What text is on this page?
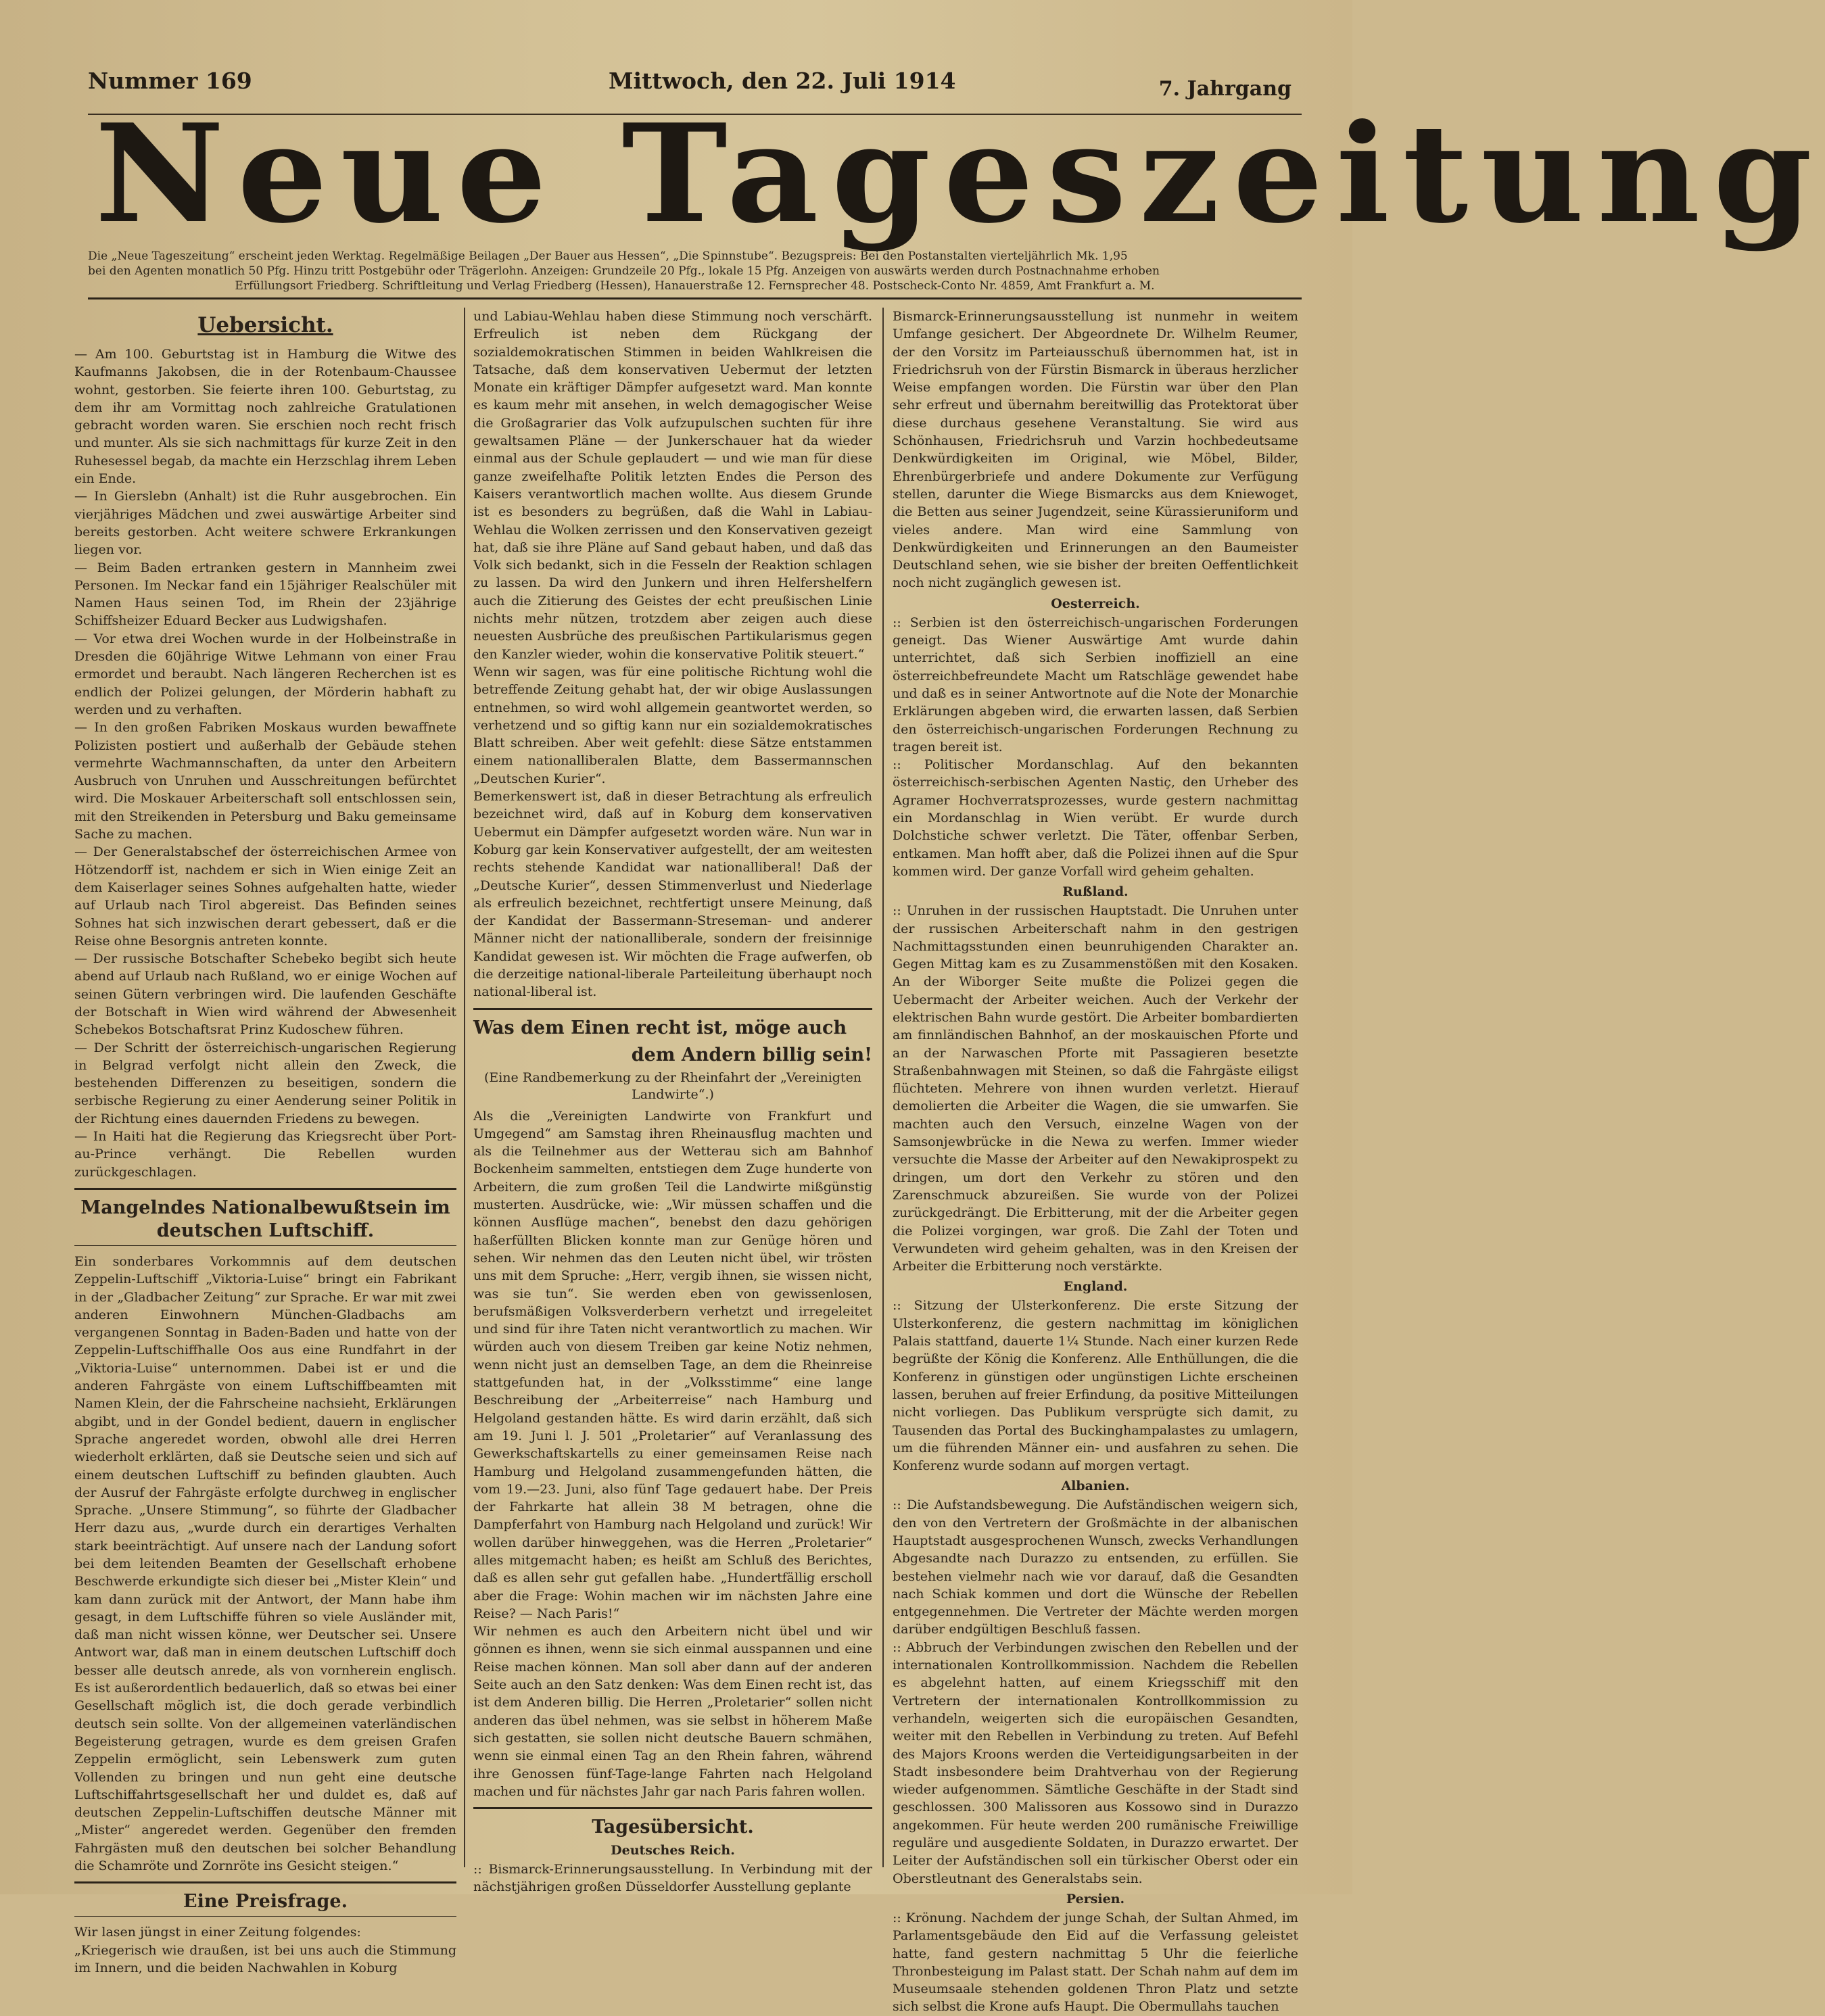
Nummer 169	Mittwoch, den 22. Juli 1914	7. Jahrgang
Neue Tageszeitung

Die „Neue Tageszeitung“ erscheint jeden Werktag. Regelmäßige Beilagen „Der Bauer aus Hessen“, „Die Spinnstube“. Bezugspreis: Bei den Postanstalten vierteljährlich Mk. 1,95

bei den Agenten monatlich 50 Pfg. Hinzu tritt Postgebühr oder Trägerlohn. Anzeigen: Grundzeile 20 Pfg., lokale 15 Pfg. Anzeigen von auswärts werden durch Postnachnahme erhoben

Erfüllungsort Friedberg. Schriftleitung und Verlag Friedberg (Hessen), Hanauerstraße 12. Fernsprecher 48. Postscheck-Conto Nr. 4859, Amt Frankfurt a. M.

Uebersicht.

— Am 100. Geburtstag ist in Hamburg die Witwe des Kaufmanns Jakobsen, die in der Rotenbaum-Chaussee wohnt, gestorben. Sie feierte ihren 100. Geburtstag, zu dem ihr am Vormittag noch zahlreiche Gratulationen gebracht worden waren. Sie erschien noch recht frisch und munter. Als sie sich nachmittags für kurze Zeit in den Ruhesessel begab, da machte ein Herzschlag ihrem Leben ein Ende.

— In Gierslebn (Anhalt) ist die Ruhr ausgebrochen. Ein vierjähriges Mädchen und zwei auswärtige Arbeiter sind bereits gestorben. Acht weitere schwere Erkrankungen liegen vor.

— Beim Baden ertranken gestern in Mannheim zwei Personen. Im Neckar fand ein 15jähriger Realschüler mit Namen Haus seinen Tod, im Rhein der 23jährige Schiffsheizer Eduard Becker aus Ludwigshafen.

— Vor etwa drei Wochen wurde in der Holbeinstraße in Dresden die 60jährige Witwe Lehmann von einer Frau ermordet und beraubt. Nach längeren Recherchen ist es endlich der Polizei gelungen, der Mörderin habhaft zu werden und zu verhaften.

— In den großen Fabriken Moskaus wurden bewaffnete Polizisten postiert und außerhalb der Gebäude stehen vermehrte Wachmannschaften, da unter den Arbeitern Ausbruch von Unruhen und Ausschreitungen befürchtet wird. Die Moskauer Arbeiterschaft soll entschlossen sein, mit den Streikenden in Petersburg und Baku gemeinsame Sache zu machen.

— Der Generalstabschef der österreichischen Armee von Hötzendorff ist, nachdem er sich in Wien einige Zeit an dem Kaiserlager seines Sohnes aufgehalten hatte, wieder auf Urlaub nach Tirol abgereist. Das Befinden seines Sohnes hat sich inzwischen derart gebessert, daß er die Reise ohne Besorgnis antreten konnte.

— Der russische Botschafter Schebeko begibt sich heute abend auf Urlaub nach Rußland, wo er einige Wochen auf seinen Gütern verbringen wird. Die laufenden Geschäfte der Botschaft in Wien wird während der Abwesenheit Schebekos Botschaftsrat Prinz Kudoschew führen.

— Der Schritt der österreichisch-ungarischen Regierung in Belgrad verfolgt nicht allein den Zweck, die bestehenden Differenzen zu beseitigen, sondern die serbische Regierung zu einer Aenderung seiner Politik in der Richtung eines dauernden Friedens zu bewegen.

— In Haiti hat die Regierung das Kriegsrecht über Port-au-Prince verhängt. Die Rebellen wurden zurückgeschlagen.

Mangelndes Nationalbewußtsein im deutschen Luftschiff.

Ein sonderbares Vorkommnis auf dem deutschen Zeppelin-Luftschiff „Viktoria-Luise“ bringt ein Fabrikant in der „Gladbacher Zeitung“ zur Sprache. Er war mit zwei anderen Einwohnern München-Gladbachs am vergangenen Sonntag in Baden-Baden und hatte von der Zeppelin-Luftschiffhalle Oos aus eine Rundfahrt in der „Viktoria-Luise“ unternommen. Dabei ist er und die anderen Fahrgäste von einem Luftschiffbeamten mit Namen Klein, der die Fahrscheine nachsieht, Erklärungen abgibt, und in der Gondel bedient, dauern in englischer Sprache angeredet worden, obwohl alle drei Herren wiederholt erklärten, daß sie Deutsche seien und sich auf einem deutschen Luftschiff zu befinden glaubten. Auch der Ausruf der Fahrgäste erfolgte durchweg in englischer Sprache. „Unsere Stimmung“, so führte der Gladbacher Herr dazu aus, „wurde durch ein derartiges Verhalten stark beeinträchtigt. Auf unsere nach der Landung sofort bei dem leitenden Beamten der Gesellschaft erhobene Beschwerde erkundigte sich dieser bei „Mister Klein“ und kam dann zurück mit der Antwort, der Mann habe ihm gesagt, in dem Luftschiffe führen so viele Ausländer mit, daß man nicht wissen könne, wer Deutscher sei. Unsere Antwort war, daß man in einem deutschen Luftschiff doch besser alle deutsch anrede, als von vornherein englisch. Es ist außerordentlich bedauerlich, daß so etwas bei einer Gesellschaft möglich ist, die doch gerade verbindlich deutsch sein sollte. Von der allgemeinen vaterländischen Begeisterung getragen, wurde es dem greisen Grafen Zeppelin ermöglicht, sein Lebenswerk zum guten Vollenden zu bringen und nun geht eine deutsche Luftschiffahrtsgesellschaft her und duldet es, daß auf deutschen Zeppelin-Luftschiffen deutsche Männer mit „Mister“ angeredet werden. Gegenüber den fremden Fahrgästen muß den deutschen bei solcher Behandlung die Schamröte und Zornröte ins Gesicht steigen.“

Eine Preisfrage.

Wir lasen jüngst in einer Zeitung folgendes:

„Kriegerisch wie draußen, ist bei uns auch die Stimmung im Innern, und die beiden Nachwahlen in Koburg

und Labiau-Wehlau haben diese Stimmung noch verschärft. Erfreulich ist neben dem Rückgang der sozialdemokratischen Stimmen in beiden Wahlkreisen die Tatsache, daß dem konservativen Uebermut der letzten Monate ein kräftiger Dämpfer aufgesetzt ward. Man konnte es kaum mehr mit ansehen, in welch demagogischer Weise die Großagrarier das Volk aufzupulschen suchten für ihre gewaltsamen Pläne — der Junkerschauer hat da wieder einmal aus der Schule geplaudert — und wie man für diese ganze zweifelhafte Politik letzten Endes die Person des Kaisers verantwortlich machen wollte. Aus diesem Grunde ist es besonders zu begrüßen, daß die Wahl in Labiau-Wehlau die Wolken zerrissen und den Konservativen gezeigt hat, daß sie ihre Pläne auf Sand gebaut haben, und daß das Volk sich bedankt, sich in die Fesseln der Reaktion schlagen zu lassen. Da wird den Junkern und ihren Helfershelfern auch die Zitierung des Geistes der echt preußischen Linie nichts mehr nützen, trotzdem aber zeigen auch diese neuesten Ausbrüche des preußischen Partikularismus gegen den Kanzler wieder, wohin die konservative Politik steuert.“

Wenn wir sagen, was für eine politische Richtung wohl die betreffende Zeitung gehabt hat, der wir obige Auslassungen entnehmen, so wird wohl allgemein geantwortet werden, so verhetzend und so giftig kann nur ein sozialdemokratisches Blatt schreiben. Aber weit gefehlt: diese Sätze entstammen einem nationalliberalen Blatte, dem Bassermannschen „Deutschen Kurier“.

Bemerkenswert ist, daß in dieser Betrachtung als erfreulich bezeichnet wird, daß auf in Koburg dem konservativen Uebermut ein Dämpfer aufgesetzt worden wäre. Nun war in Koburg gar kein Konservativer aufgestellt, der am weitesten rechts stehende Kandidat war nationalliberal! Daß der „Deutsche Kurier“, dessen Stimmenverlust und Niederlage als erfreulich bezeichnet, rechtfertigt unsere Meinung, daß der Kandidat der Bassermann-Streseman- und anderer Männer nicht der nationalliberale, sondern der freisinnige Kandidat gewesen ist. Wir möchten die Frage aufwerfen, ob die derzeitige national-liberale Parteileitung überhaupt noch national-liberal ist.

Was dem Einen recht ist, möge auch
dem Andern billig sein!
(Eine Randbemerkung zu der Rheinfahrt der „Vereinigten Landwirte“.)

Als die „Vereinigten Landwirte von Frankfurt und Umgegend“ am Samstag ihren Rheinausflug machten und als die Teilnehmer aus der Wetterau sich am Bahnhof Bockenheim sammelten, entstiegen dem Zuge hunderte von Arbeitern, die zum großen Teil die Landwirte mißgünstig musterten. Ausdrücke, wie: „Wir müssen schaffen und die können Ausflüge machen“, benebst den dazu gehörigen haßerfüllten Blicken konnte man zur Genüge hören und sehen. Wir nehmen das den Leuten nicht übel, wir trösten uns mit dem Spruche: „Herr, vergib ihnen, sie wissen nicht, was sie tun“. Sie werden eben von gewissenlosen, berufsmäßigen Volksverderbern verhetzt und irregeleitet und sind für ihre Taten nicht verantwortlich zu machen. Wir würden auch von diesem Treiben gar keine Notiz nehmen, wenn nicht just an demselben Tage, an dem die Rheinreise stattgefunden hat, in der „Volksstimme“ eine lange Beschreibung der „Arbeiterreise“ nach Hamburg und Helgoland gestanden hätte. Es wird darin erzählt, daß sich am 19. Juni l. J. 501 „Proletarier“ auf Veranlassung des Gewerkschaftskartells zu einer gemeinsamen Reise nach Hamburg und Helgoland zusammengefunden hätten, die vom 19.—23. Juni, also fünf Tage gedauert habe. Der Preis der Fahrkarte hat allein 38 M betragen, ohne die Dampferfahrt von Hamburg nach Helgoland und zurück! Wir wollen darüber hinweggehen, was die Herren „Proletarier“ alles mitgemacht haben; es heißt am Schluß des Berichtes, daß es allen sehr gut gefallen habe. „Hundertfällig erscholl aber die Frage: Wohin machen wir im nächsten Jahre eine Reise? — Nach Paris!“

Wir nehmen es auch den Arbeitern nicht übel und wir gönnen es ihnen, wenn sie sich einmal ausspannen und eine Reise machen können. Man soll aber dann auf der anderen Seite auch an den Satz denken: Was dem Einen recht ist, das ist dem Anderen billig. Die Herren „Proletarier“ sollen nicht anderen das übel nehmen, was sie selbst in höherem Maße sich gestatten, sie sollen nicht deutsche Bauern schmähen, wenn sie einmal einen Tag an den Rhein fahren, während ihre Genossen fünf-Tage-lange Fahrten nach Helgoland machen und für nächstes Jahr gar nach Paris fahren wollen.

Tagesübersicht.
Deutsches Reich.

:: Bismarck-Erinnerungsausstellung. In Verbindung mit der nächstjährigen großen Düsseldorfer Ausstellung geplante

Bismarck-Erinnerungsausstellung ist nunmehr in weitem Umfange gesichert. Der Abgeordnete Dr. Wilhelm Reumer, der den Vorsitz im Parteiausschuß übernommen hat, ist in Friedrichsruh von der Fürstin Bismarck in überaus herzlicher Weise empfangen worden. Die Fürstin war über den Plan sehr erfreut und übernahm bereitwillig das Protektorat über diese durchaus gesehene Veranstaltung. Sie wird aus Schönhausen, Friedrichsruh und Varzin hochbedeutsame Denkwürdigkeiten im Original, wie Möbel, Bilder, Ehrenbürgerbriefe und andere Dokumente zur Verfügung stellen, darunter die Wiege Bismarcks aus dem Kniewoget, die Betten aus seiner Jugendzeit, seine Kürassieruniform und vieles andere. Man wird eine Sammlung von Denkwürdigkeiten und Erinnerungen an den Baumeister Deutschland sehen, wie sie bisher der breiten Oeffentlichkeit noch nicht zugänglich gewesen ist.

Oesterreich.

:: Serbien ist den österreichisch-ungarischen Forderungen geneigt. Das Wiener Auswärtige Amt wurde dahin unterrichtet, daß sich Serbien inoffiziell an eine österreichbefreundete Macht um Ratschläge gewendet habe und daß es in seiner Antwortnote auf die Note der Monarchie Erklärungen abgeben wird, die erwarten lassen, daß Serbien den österreichisch-ungarischen Forderungen Rechnung zu tragen bereit ist.

:: Politischer Mordanschlag. Auf den bekannten österreichisch-serbischen Agenten Nastiç, den Urheber des Agramer Hochverratsprozesses, wurde gestern nachmittag ein Mordanschlag in Wien verübt. Er wurde durch Dolchstiche schwer verletzt. Die Täter, offenbar Serben, entkamen. Man hofft aber, daß die Polizei ihnen auf die Spur kommen wird. Der ganze Vorfall wird geheim gehalten.

Rußland.

:: Unruhen in der russischen Hauptstadt. Die Unruhen unter der russischen Arbeiterschaft nahm in den gestrigen Nachmittagsstunden einen beunruhigenden Charakter an. Gegen Mittag kam es zu Zusammenstößen mit den Kosaken. An der Wiborger Seite mußte die Polizei gegen die Uebermacht der Arbeiter weichen. Auch der Verkehr der elektrischen Bahn wurde gestört. Die Arbeiter bombardierten am finnländischen Bahnhof, an der moskauischen Pforte und an der Narwaschen Pforte mit Passagieren besetzte Straßenbahnwagen mit Steinen, so daß die Fahrgäste eiligst flüchteten. Mehrere von ihnen wurden verletzt. Hierauf demolierten die Arbeiter die Wagen, die sie umwarfen. Sie machten auch den Versuch, einzelne Wagen von der Samsonjewbrücke in die Newa zu werfen. Immer wieder versuchte die Masse der Arbeiter auf den Newakiprospekt zu dringen, um dort den Verkehr zu stören und den Zarenschmuck abzureißen. Sie wurde von der Polizei zurückgedrängt. Die Erbitterung, mit der die Arbeiter gegen die Polizei vorgingen, war groß. Die Zahl der Toten und Verwundeten wird geheim gehalten, was in den Kreisen der Arbeiter die Erbitterung noch verstärkte.

England.

:: Sitzung der Ulsterkonferenz. Die erste Sitzung der Ulsterkonferenz, die gestern nachmittag im königlichen Palais stattfand, dauerte 1¼ Stunde. Nach einer kurzen Rede begrüßte der König die Konferenz. Alle Enthüllungen, die die Konferenz in günstigen oder ungünstigen Lichte erscheinen lassen, beruhen auf freier Erfindung, da positive Mitteilungen nicht vorliegen. Das Publikum versprügte sich damit, zu Tausenden das Portal des Buckinghampalastes zu umlagern, um die führenden Männer ein- und ausfahren zu sehen. Die Konferenz wurde sodann auf morgen vertagt.

Albanien.

:: Die Aufstandsbewegung. Die Aufständischen weigern sich, den von den Vertretern der Großmächte in der albanischen Hauptstadt ausgesprochenen Wunsch, zwecks Verhandlungen Abgesandte nach Durazzo zu entsenden, zu erfüllen. Sie bestehen vielmehr nach wie vor darauf, daß die Gesandten nach Schiak kommen und dort die Wünsche der Rebellen entgegennehmen. Die Vertreter der Mächte werden morgen darüber endgültigen Beschluß fassen.

:: Abbruch der Verbindungen zwischen den Rebellen und der internationalen Kontrollkommission. Nachdem die Rebellen es abgelehnt hatten, auf einem Kriegsschiff mit den Vertretern der internationalen Kontrollkommission zu verhandeln, weigerten sich die europäischen Gesandten, weiter mit den Rebellen in Verbindung zu treten. Auf Befehl des Majors Kroons werden die Verteidigungsarbeiten in der Stadt insbesondere beim Drahtverhau von der Regierung wieder aufgenommen. Sämtliche Geschäfte in der Stadt sind geschlossen. 300 Malissoren aus Kossowo sind in Durazzo angekommen. Für heute werden 200 rumänische Freiwillige reguläre und ausgediente Soldaten, in Durazzo erwartet. Der Leiter der Aufständischen soll ein türkischer Oberst oder ein Oberstleutnant des Generalstabs sein.

Persien.

:: Krönung. Nachdem der junge Schah, der Sultan Ahmed, im Parlamentsgebäude den Eid auf die Verfassung geleistet hatte, fand gestern nachmittag 5 Uhr die feierliche Thronbesteigung im Palast statt. Der Schah nahm auf dem im Museumsaale stehenden goldenen Thron Platz und setzte sich selbst die Krone aufs Haupt. Die Obermullahs tauchen
